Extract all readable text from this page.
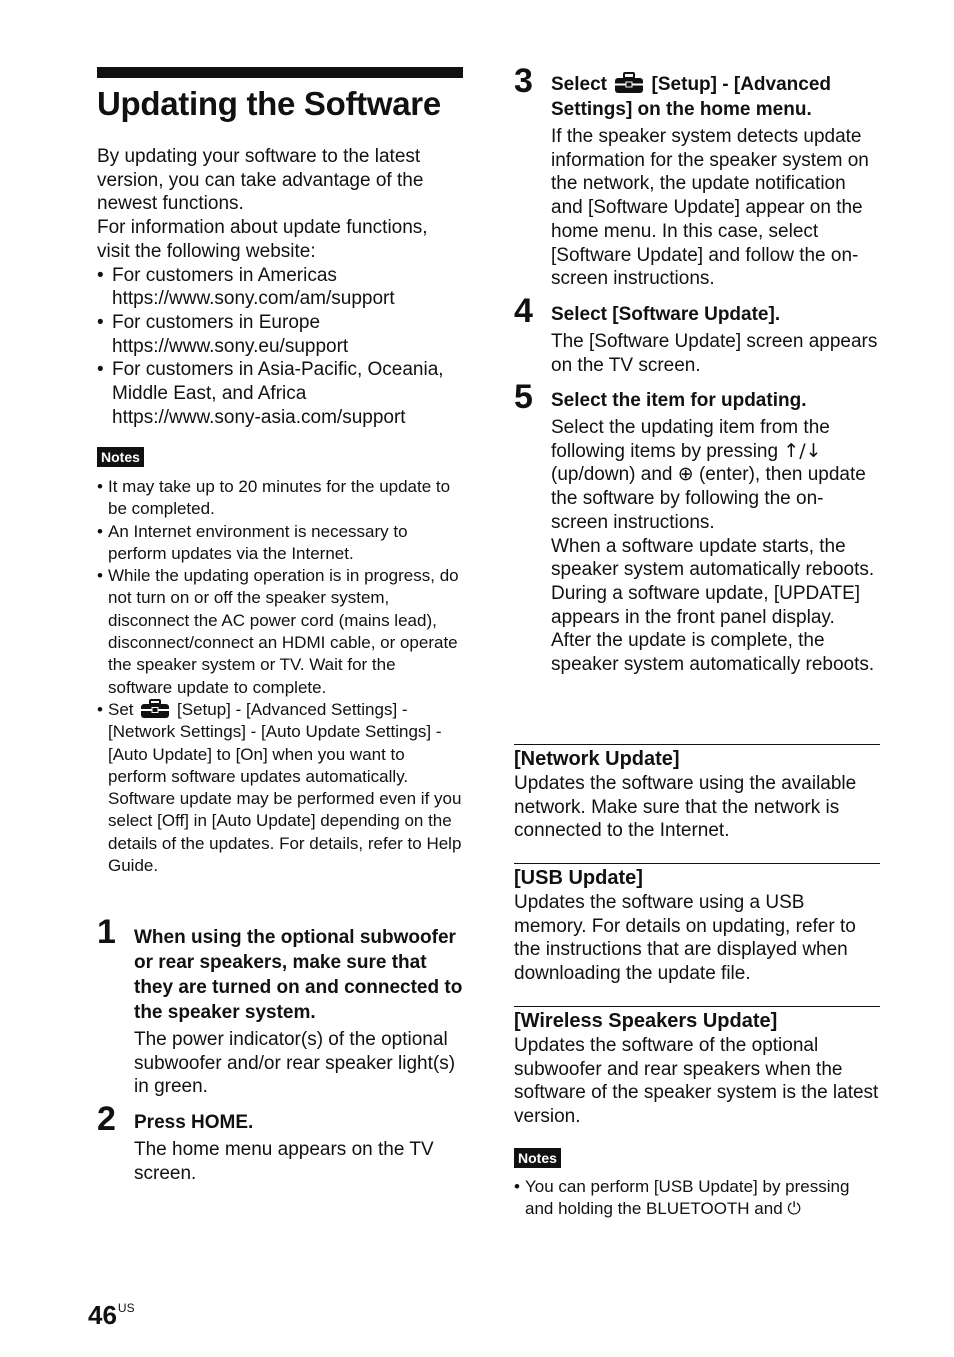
Updating the Software

By updating your software to the latest version, you can take advantage of the newest functions.

For information about update functions, visit the following website:

• For customers in Americas
https://www.sony.com/am/support
• For customers in Europe
https://www.sony.eu/support
• For customers in Asia-Pacific, Oceania, Middle East, and Africa
https://www.sony-asia.com/support
Notes
• It may take up to 20 minutes for the update to be completed.
• An Internet environment is necessary to perform updates via the Internet.
• While the updating operation is in progress, do not turn on or off the speaker system, disconnect the AC power cord (mains lead), disconnect/connect an HDMI cable, or operate the speaker system or TV. Wait for the software update to complete.
• Set	[Setup] - [Advanced Settings] - [Network Settings] - [Auto Update Settings] - [Auto Update] to [On] when you want to perform software updates automatically. Software update may be performed even if you select [Off] in [Auto Update] depending on the details of the updates. For details, refer to Help Guide.
1 When using the optional subwoofer or rear speakers, make sure that they are turned on and connected to the speaker system.

The power indicator(s) of the optional subwoofer and/or rear speaker light(s) in green.

2 Press HOME.

The home menu appears on the TV screen.

3 Select [Setup] - [Advanced Settings] on the home menu.

If the speaker system detects update information for the speaker system on the network, the update notification and [Software Update] appear on the home menu. In this case, select [Software Update] and follow the on-screen instructions.

4 Select [Software Update].

The [Software Update] screen appears on the TV screen.

5 Select the item for updating.

Select the updating item from the following items by pressing ↑/↓ (up/down) and ⊕ (enter), then update the software by following the on-screen instructions.
When a software update starts, the speaker system automatically reboots.
During a software update, [UPDATE] appears in the front panel display.
After the update is complete, the speaker system automatically reboots.

[Network Update]

Updates the software using the available network. Make sure that the network is connected to the Internet.

[USB Update]

Updates the software using a USB memory. For details on updating, refer to the instructions that are displayed when downloading the update file.

[Wireless Speakers Update]

Updates the software of the optional subwoofer and rear speakers when the software of the speaker system is the latest version.

Notes
• You can perform [USB Update] by pressing and holding the BLUETOOTH and ⏻
$46^{US}$
